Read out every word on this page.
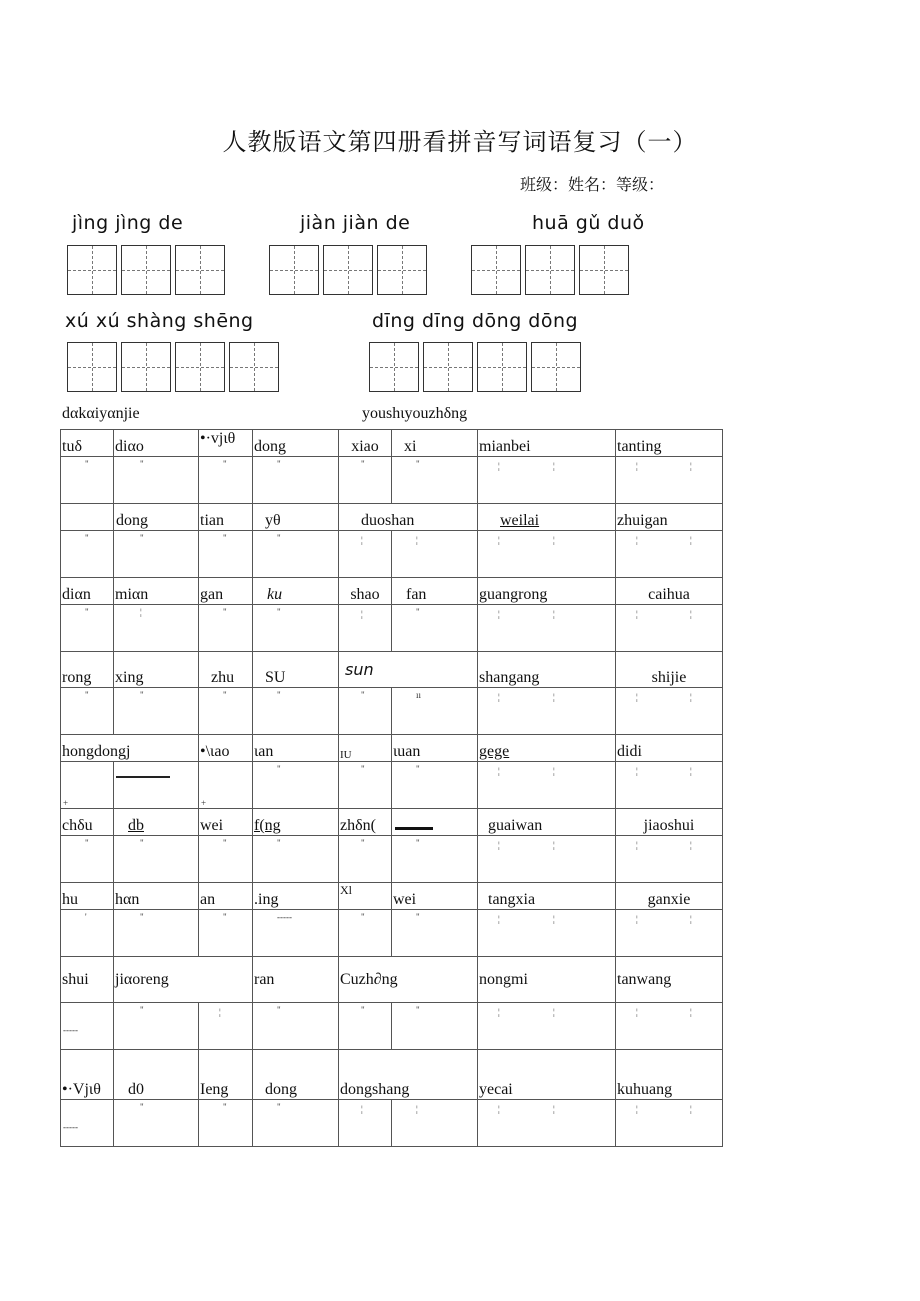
人教版语文第四册看拼音写词语复习（一）
班级：姓名：等级：
jìng jìng de	jiàn jiàn de	huā gǔ duǒ
xú xú shàng shēng	dīng dīng dōng dōng
dαkαiyαnjie	youshιyouzhδng
tuδ	diαo	•·vjιθ	dong	xiao	xi	mianbei	tanting

"	"	"	"	"	"	¦ ¦	¦ ¦

	dong	tian	yθ	duoshan		weilai	zhuigan

"	"	"	"	¦	¦	¦ ¦	¦ ¦

diαn	miαn	gan	ku	shao	fan	guangrong	caihua

"	¦	"	"	¦	"	¦ ¦	¦ ¦

rong	xing	zhu	SU	sun		shangang	shijie

"	"	"	"	"	ıı	¦ ¦	¦ ¦

hongdongj		•\ιao	ιan	IU	ιuan	gege	didi

+		+	"	"	"	¦ ¦	¦ ¦

chδu	db	wei	f(ng	zhδn(		guaiwan	jiaoshui

"	"	"	"	"	"	¦ ¦	¦ ¦

hu	hαn	an	.ing	Xl	wei	tangxia	ganxie

'	"	"	-----	"	"	¦ ¦	¦ ¦

shui	jiαoreng		ran	Cuzh∂ng		nongmi	tanwang

-----	"	¦	"	"	"	¦ ¦	¦ ¦

•·Vjιθ	d0	Ieng	dong	dongshang		yecai	kuhuang

-----	"	"	"	¦	¦	¦ ¦	¦ ¦
